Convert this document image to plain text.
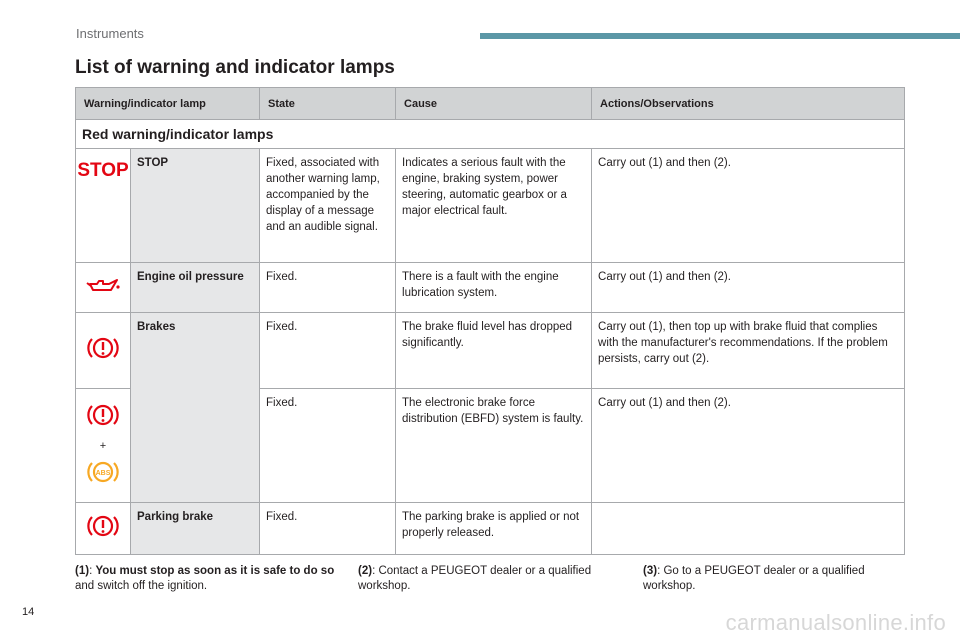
Instruments
List of warning and indicator lamps
Warning/indicator lamp		State	Cause	Actions/Observations
Red warning/indicator lamps				

STOP	STOP	Fixed, associated with another warning lamp, accompanied by the display of a message and an audible signal.	Indicates a serious fault with the engine, braking system, power steering, automatic gearbox or a major electrical fault.	Carry out (1) and then (2).
	Engine oil pressure	Fixed.	There is a fault with the engine lubrication system.	Carry out (1) and then (2).
	Brakes	Fixed.	The brake fluid level has dropped significantly.	Carry out (1), then top up with brake fluid that complies with the manufacturer's recommendations. If the problem persists, carry out (2).

+
ABS		Fixed.	The electronic brake force distribution (EBFD) system is faulty.	Carry out (1) and then (2).
	Parking brake	Fixed.	The parking brake is applied or not properly released.	
(1): You must stop as soon as it is safe to do so and switch off the ignition.
(2): Contact a PEUGEOT dealer or a qualified workshop.
(3): Go to a PEUGEOT dealer or a qualified workshop.
14	carmanualsonline.info
